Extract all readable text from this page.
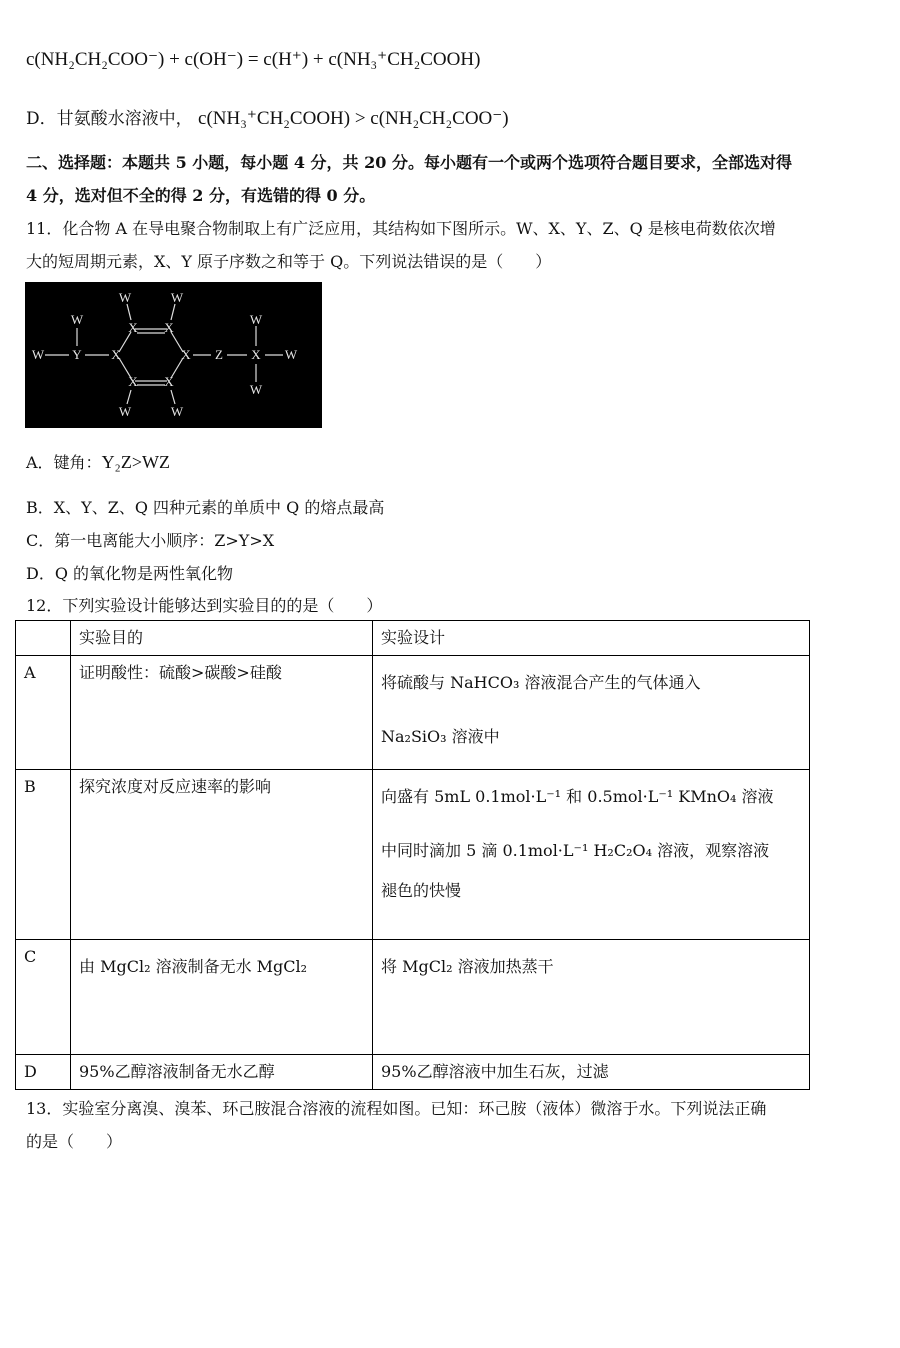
c(NH₂CH₂COO⁻) + c(OH⁻) = c(H⁺) + c(NH₃⁺CH₂COOH)
D．甘氨酸水溶液中， c(NH₃⁺CH₂COOH) > c(NH₂CH₂COO⁻)
二、选择题：本题共 5 小题，每小题 4 分，共 20 分。每小题有一个或两个选项符合题目要求，全部选对得
4 分，选对但不全的得 2 分，有选错的得 0 分。
11．化合物 A 在导电聚合物制取上有广泛应用，其结构如下图所示。W、X、Y、Z、Q 是核电荷数依次增
大的短周期元素，X、Y 原子序数之和等于 Q。下列说法错误的是（　　）
W	W
W	W
X X
W Y X	X Z X W
X X
W
W	W
A．键角：Y₂Z>WZ
B．X、Y、Z、Q 四种元素的单质中 Q 的熔点最高
C．第一电离能大小顺序：Z>Y>X
D．Q 的氧化物是两性氧化物
12．下列实验设计能够达到实验目的的是（　　）
	实验目的	实验设计
A	证明酸性：硫酸>碳酸>硅酸	将硫酸与 NaHCO₃ 溶液混合产生的气体通入
Na₂SiO₃ 溶液中

B	探究浓度对反应速率的影响	向盛有 5mL 0.1mol·L⁻¹ 和 0.5mol·L⁻¹ KMnO₄ 溶液
中同时滴加 5 滴 0.1mol·L⁻¹ H₂C₂O₄ 溶液，观察溶液
褪色的快慢

C	由 MgCl₂ 溶液制备无水 MgCl₂	将 MgCl₂ 溶液加热蒸干

D	95%乙醇溶液制备无水乙醇	95%乙醇溶液中加生石灰，过滤
13．实验室分离溴、溴苯、环己胺混合溶液的流程如图。已知：环己胺（液体）微溶于水。下列说法正确
的是（　　）
